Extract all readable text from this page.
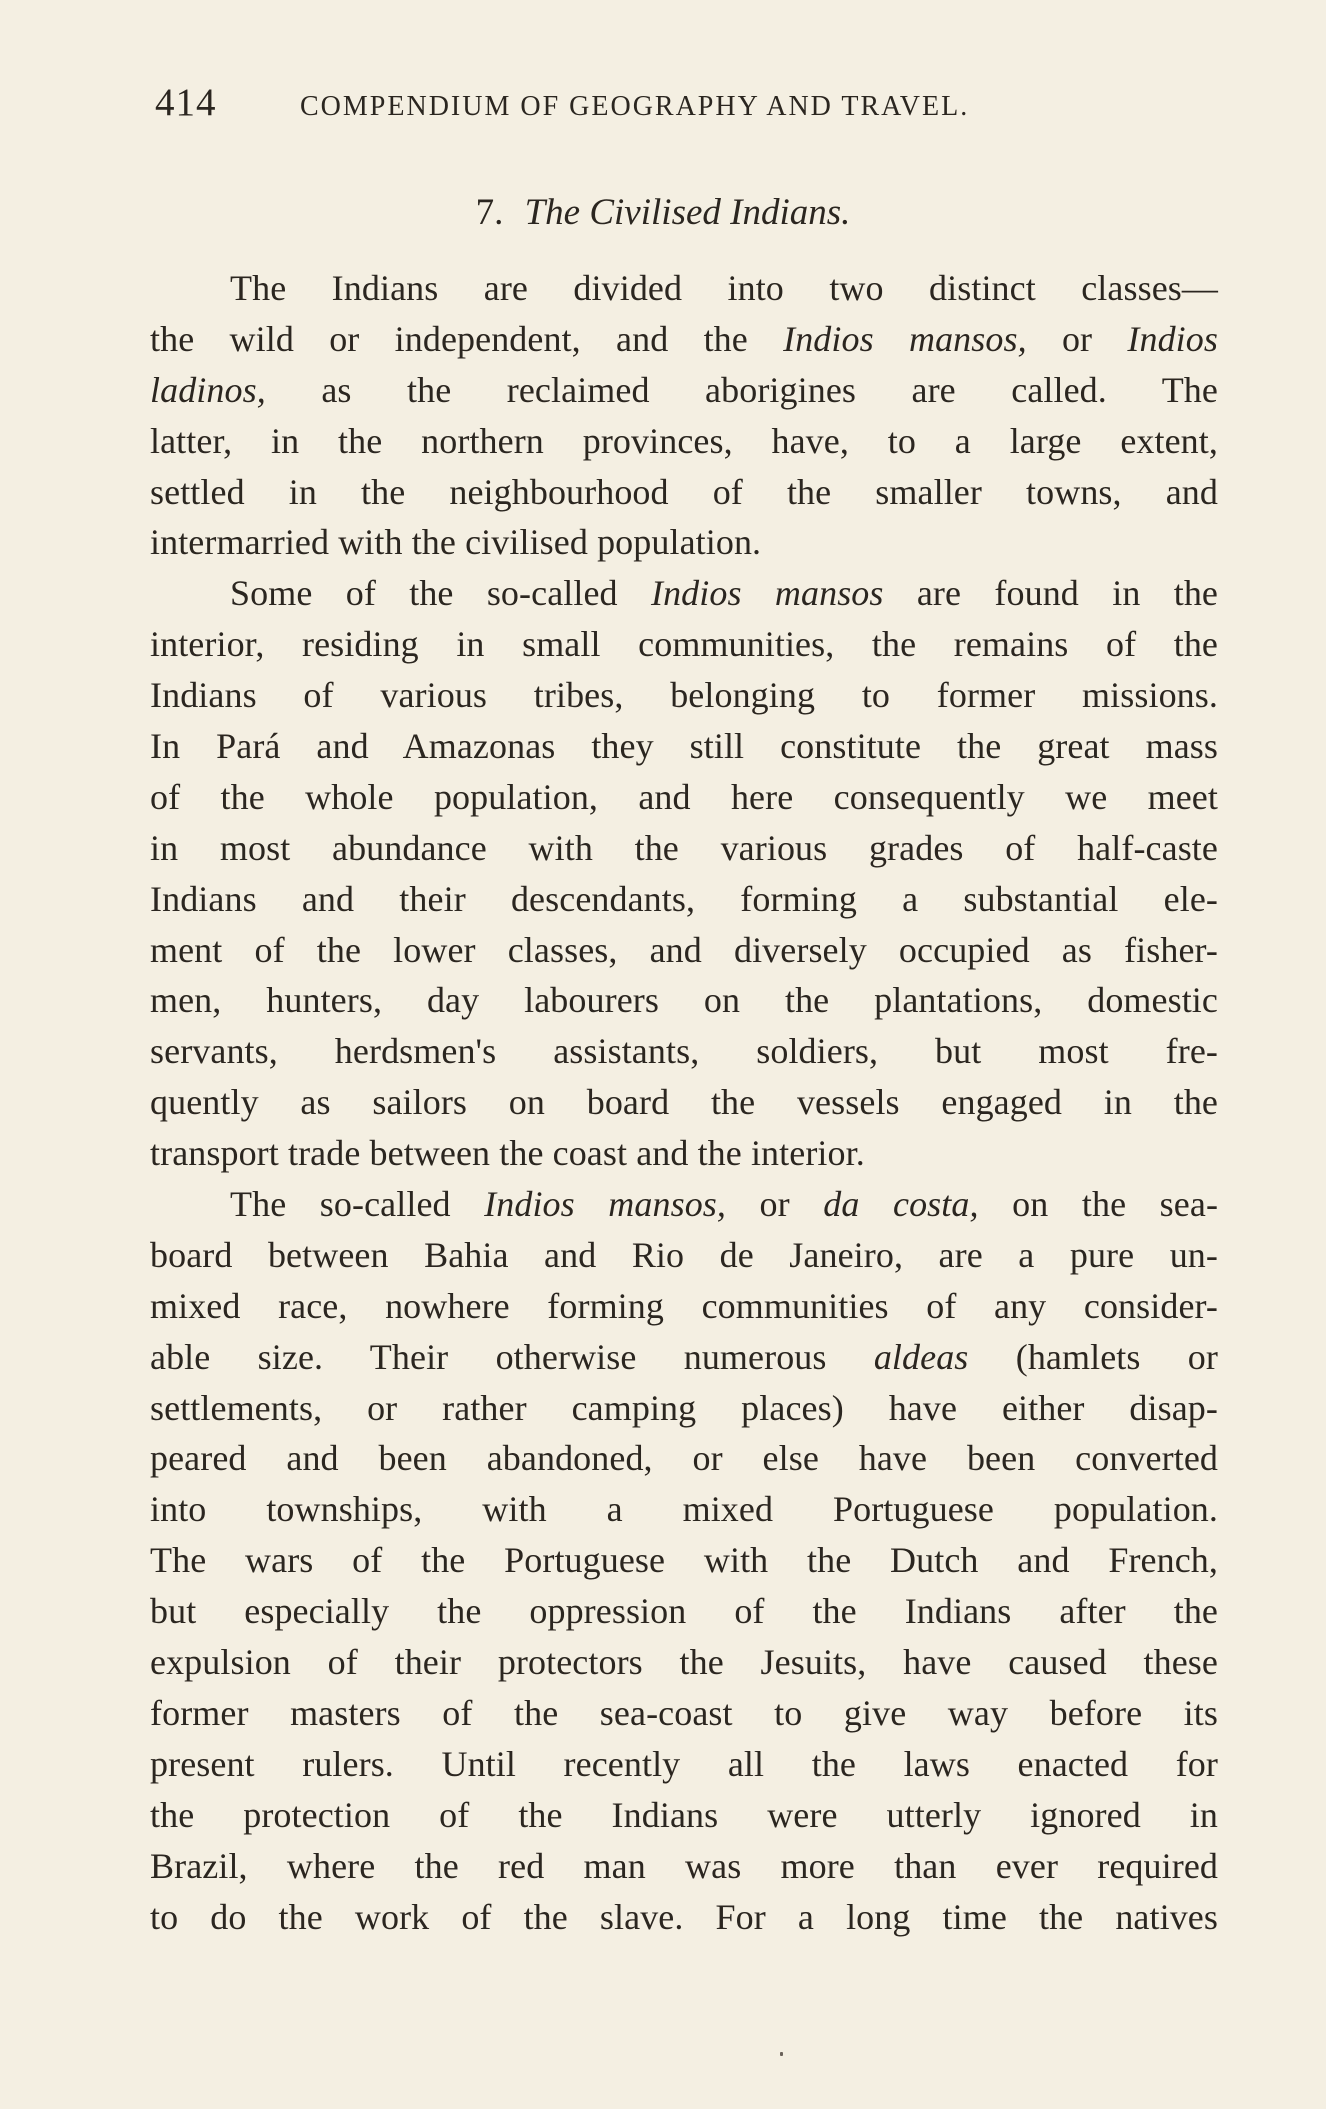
414	COMPENDIUM OF GEOGRAPHY AND TRAVEL.
7. The Civilised Indians.
The Indians are divided into two distinct classes—
the wild or independent, and the Indios mansos, or Indios
ladinos, as the reclaimed aborigines are called. The
latter, in the northern provinces, have, to a large extent,
settled in the neighbourhood of the smaller towns, and
intermarried with the civilised population.
Some of the so-called Indios mansos are found in the
interior, residing in small communities, the remains of the
Indians of various tribes, belonging to former missions.
In Pará and Amazonas they still constitute the great mass
of the whole population, and here consequently we meet
in most abundance with the various grades of half-caste
Indians and their descendants, forming a substantial ele-
ment of the lower classes, and diversely occupied as fisher-
men, hunters, day labourers on the plantations, domestic
servants, herdsmen's assistants, soldiers, but most fre-
quently as sailors on board the vessels engaged in the
transport trade between the coast and the interior.
The so-called Indios mansos, or da costa, on the sea-
board between Bahia and Rio de Janeiro, are a pure un-
mixed race, nowhere forming communities of any consider-
able size. Their otherwise numerous aldeas (hamlets or
settlements, or rather camping places) have either disap-
peared and been abandoned, or else have been converted
into townships, with a mixed Portuguese population.
The wars of the Portuguese with the Dutch and French,
but especially the oppression of the Indians after the
expulsion of their protectors the Jesuits, have caused these
former masters of the sea-coast to give way before its
present rulers. Until recently all the laws enacted for
the protection of the Indians were utterly ignored in
Brazil, where the red man was more than ever required
to do the work of the slave. For a long time the natives
